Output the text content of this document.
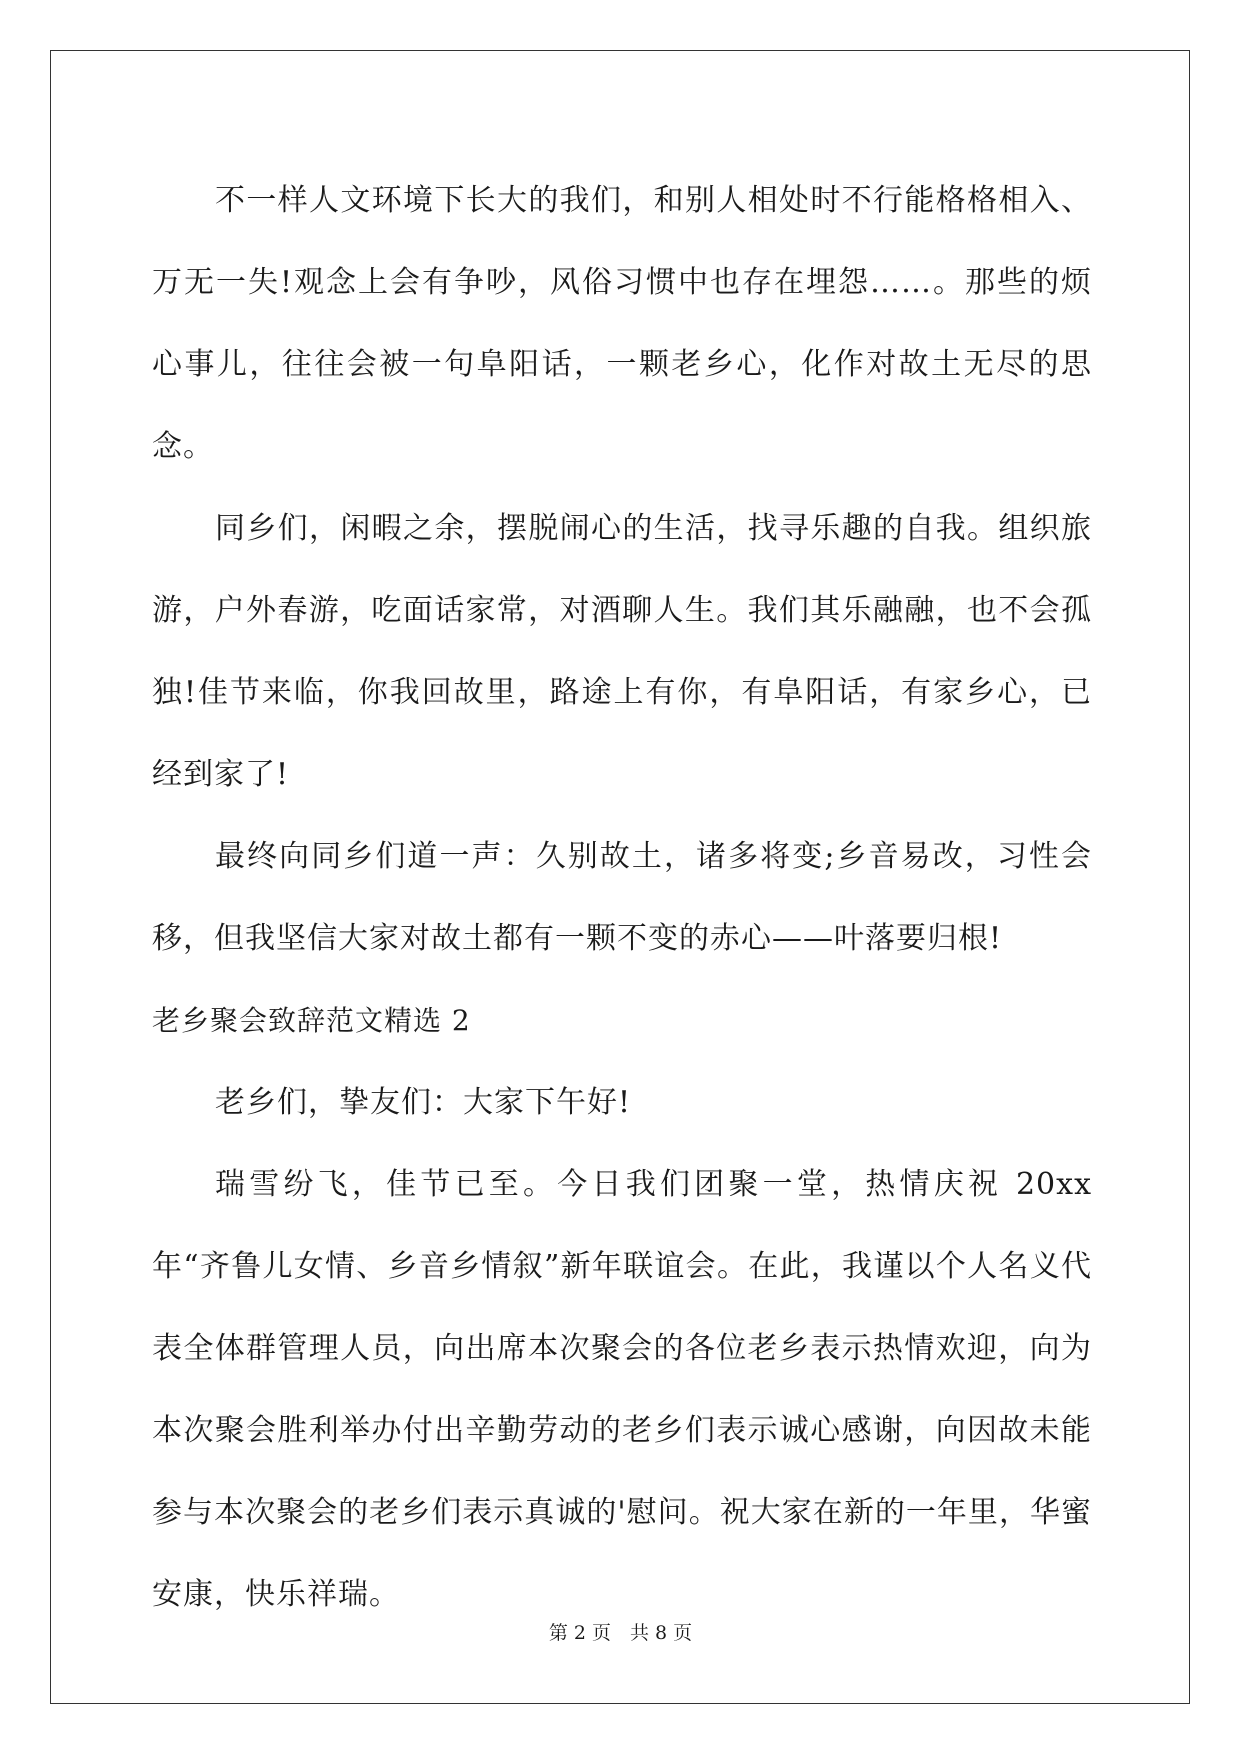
不一样人文环境下长大的我们，和别人相处时不行能格格相入、万无一失!观念上会有争吵，风俗习惯中也存在埋怨……。那些的烦心事儿，往往会被一句阜阳话，一颗老乡心，化作对故土无尽的思念。

同乡们，闲暇之余，摆脱闹心的生活，找寻乐趣的自我。组织旅游，户外春游，吃面话家常，对酒聊人生。我们其乐融融，也不会孤独!佳节来临，你我回故里，路途上有你，有阜阳话，有家乡心，已经到家了!

最终向同乡们道一声：久别故土，诸多将变;乡音易改，习性会移，但我坚信大家对故土都有一颗不变的赤心——叶落要归根!

老乡聚会致辞范文精选 2

老乡们，挚友们：大家下午好!

瑞雪纷飞，佳节已至。今日我们团聚一堂，热情庆祝 20xx 年“齐鲁儿女情、乡音乡情叙”新年联谊会。在此，我谨以个人名义代表全体群管理人员，向出席本次聚会的各位老乡表示热情欢迎，向为本次聚会胜利举办付出辛勤劳动的老乡们表示诚心感谢，向因故未能参与本次聚会的老乡们表示真诚的'慰问。祝大家在新的一年里，华蜜安康，快乐祥瑞。

第 2 页　共 8 页
